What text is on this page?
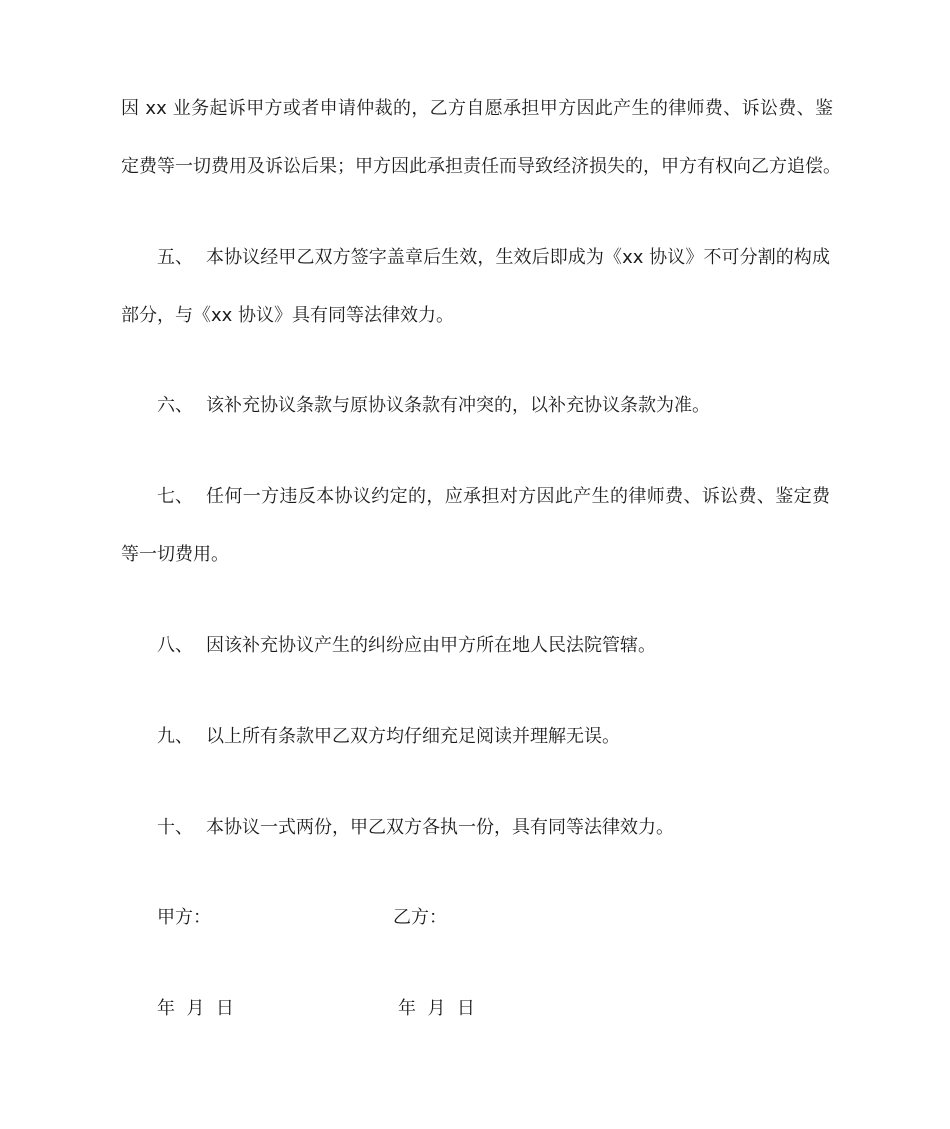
因 xx 业务起诉甲方或者申请仲裁的，乙方自愿承担甲方因此产生的律师费、诉讼费、鉴
定费等一切费用及诉讼后果；甲方因此承担责任而导致经济损失的，甲方有权向乙方追偿。
五、 本协议经甲乙双方签字盖章后生效，生效后即成为《xx 协议》不可分割的构成
部分，与《xx 协议》具有同等法律效力。
六、 该补充协议条款与原协议条款有冲突的，以补充协议条款为准。
七、 任何一方违反本协议约定的，应承担对方因此产生的律师费、诉讼费、鉴定费
等一切费用。
八、 因该补充协议产生的纠纷应由甲方所在地人民法院管辖。
九、 以上所有条款甲乙双方均仔细充足阅读并理解无误。
十、 本协议一式两份，甲乙双方各执一份，具有同等法律效力。
甲方：	乙方：
年  月  日	年  月  日
